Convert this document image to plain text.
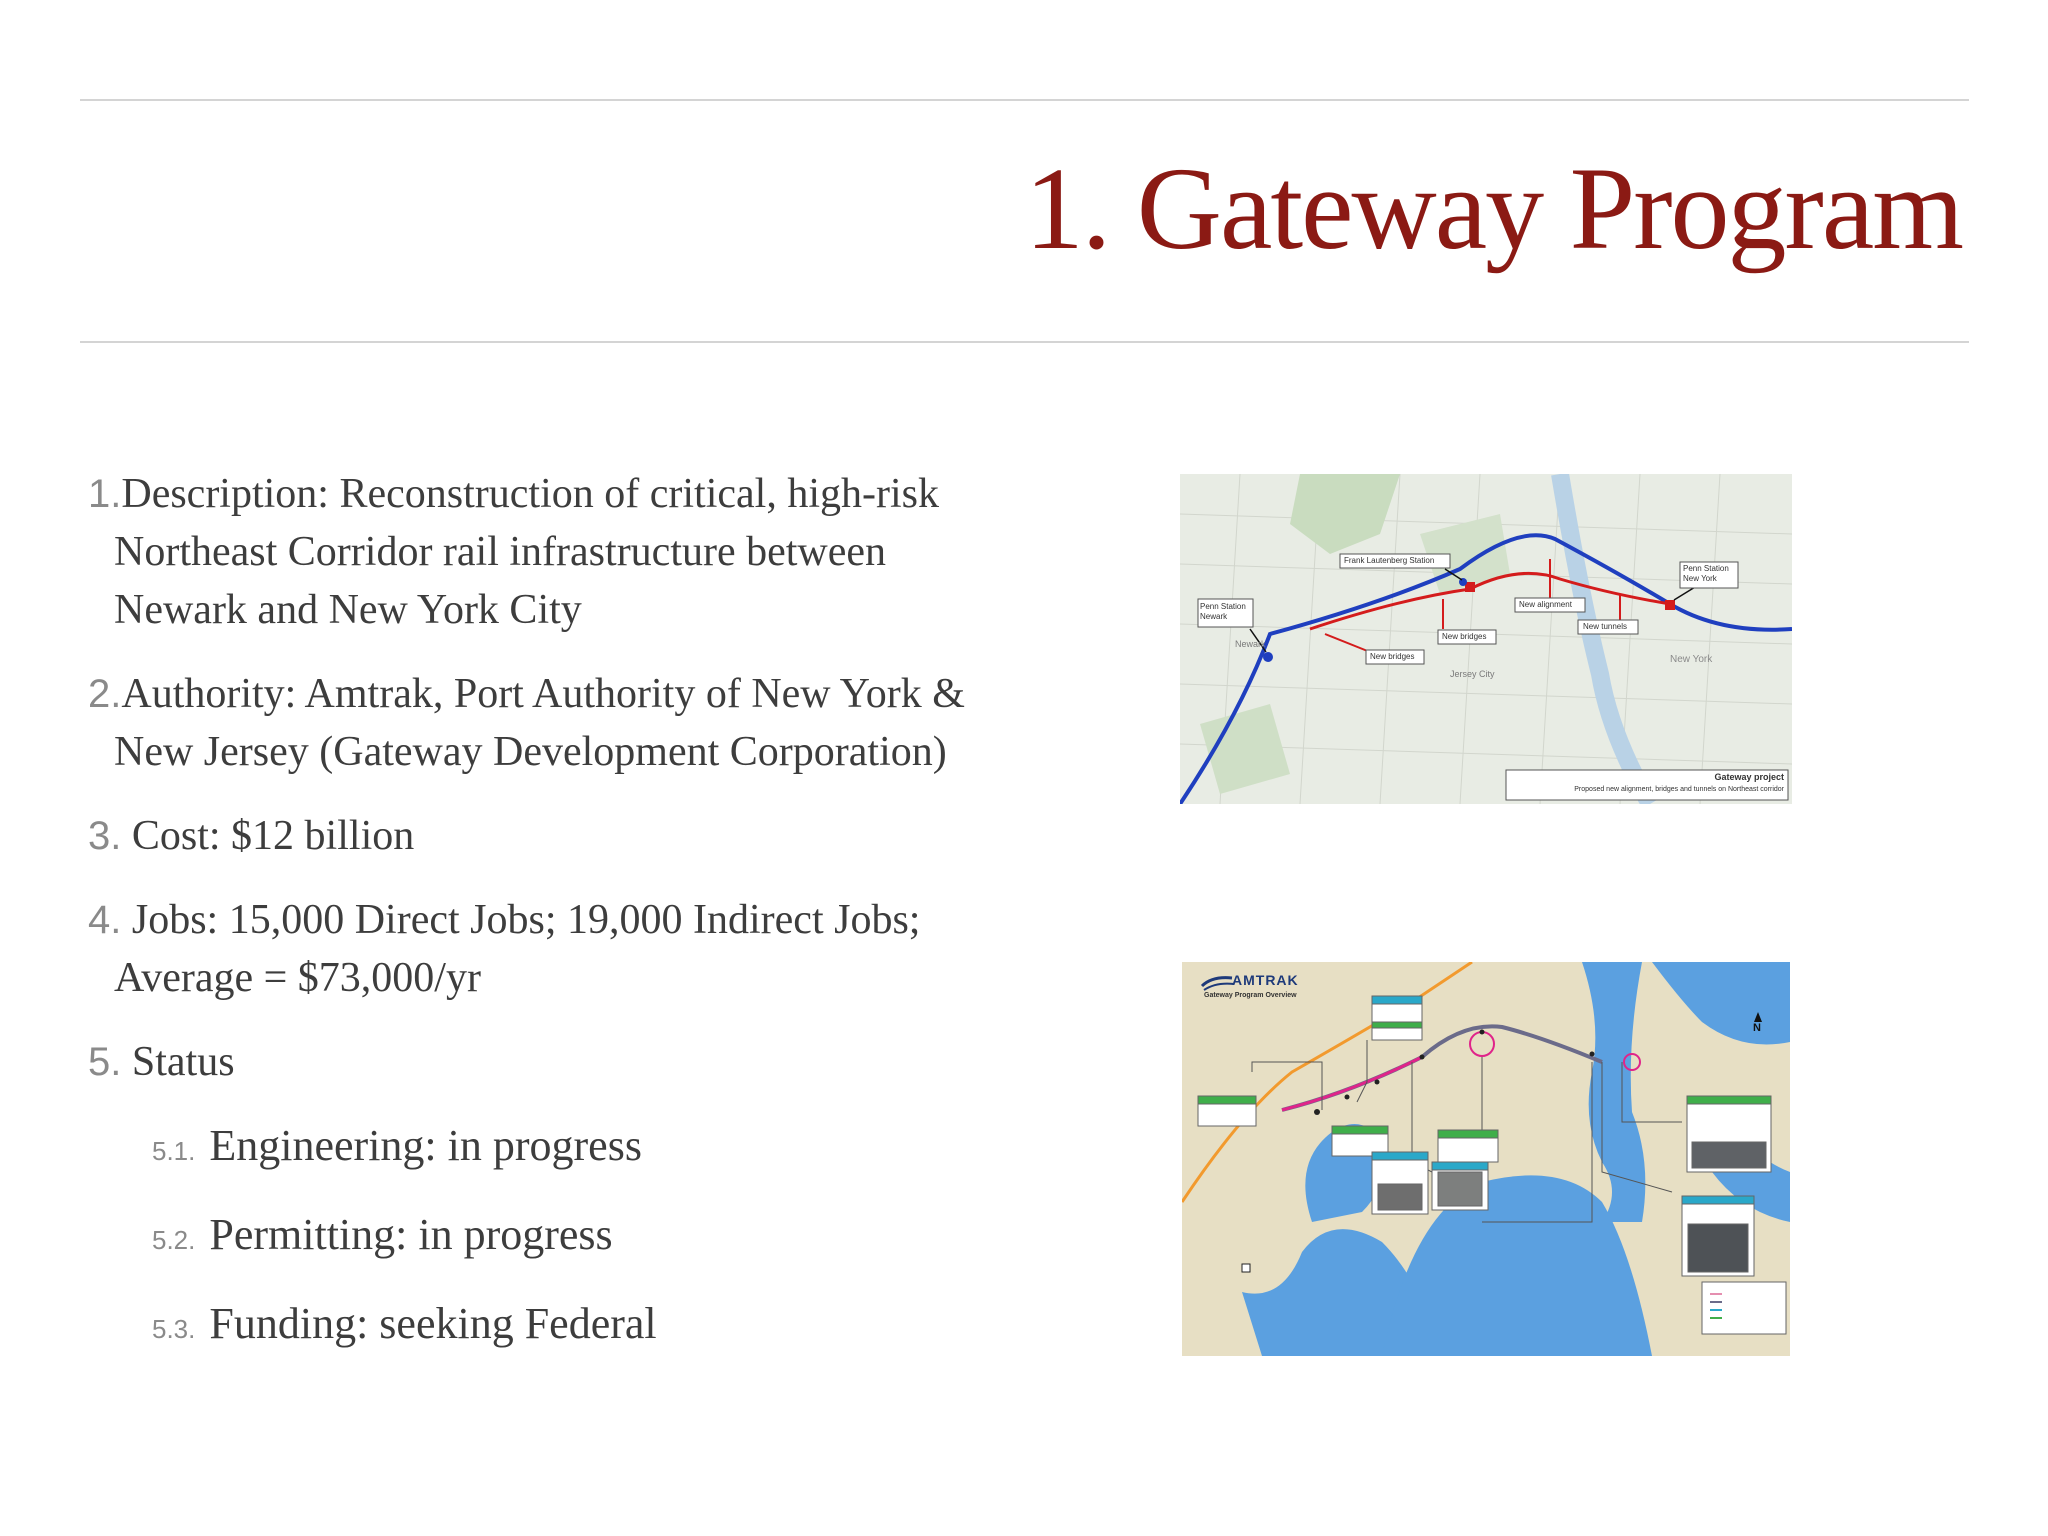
1. Gateway Program
1.Description: Reconstruction of critical, high-risk Northeast Corridor rail infrastructure between Newark and New York City
2.Authority: Amtrak, Port Authority of New York & New Jersey (Gateway Development Corporation)
3. Cost: $12 billion
4. Jobs: 15,000 Direct Jobs; 19,000 Indirect Jobs; Average = $73,000/yr
5. Status
5.1. Engineering: in progress
5.2. Permitting: in progress
5.3. Funding: seeking Federal
Penn Station Newark
Frank Lautenberg Station
Penn Station New York
New bridges
New bridges
New alignment
New tunnels
Jersey City
New York
Newark
Gateway project
Proposed new alignment, bridges and tunnels on Northeast corridor
AMTRAK
Gateway Program Overview
N
